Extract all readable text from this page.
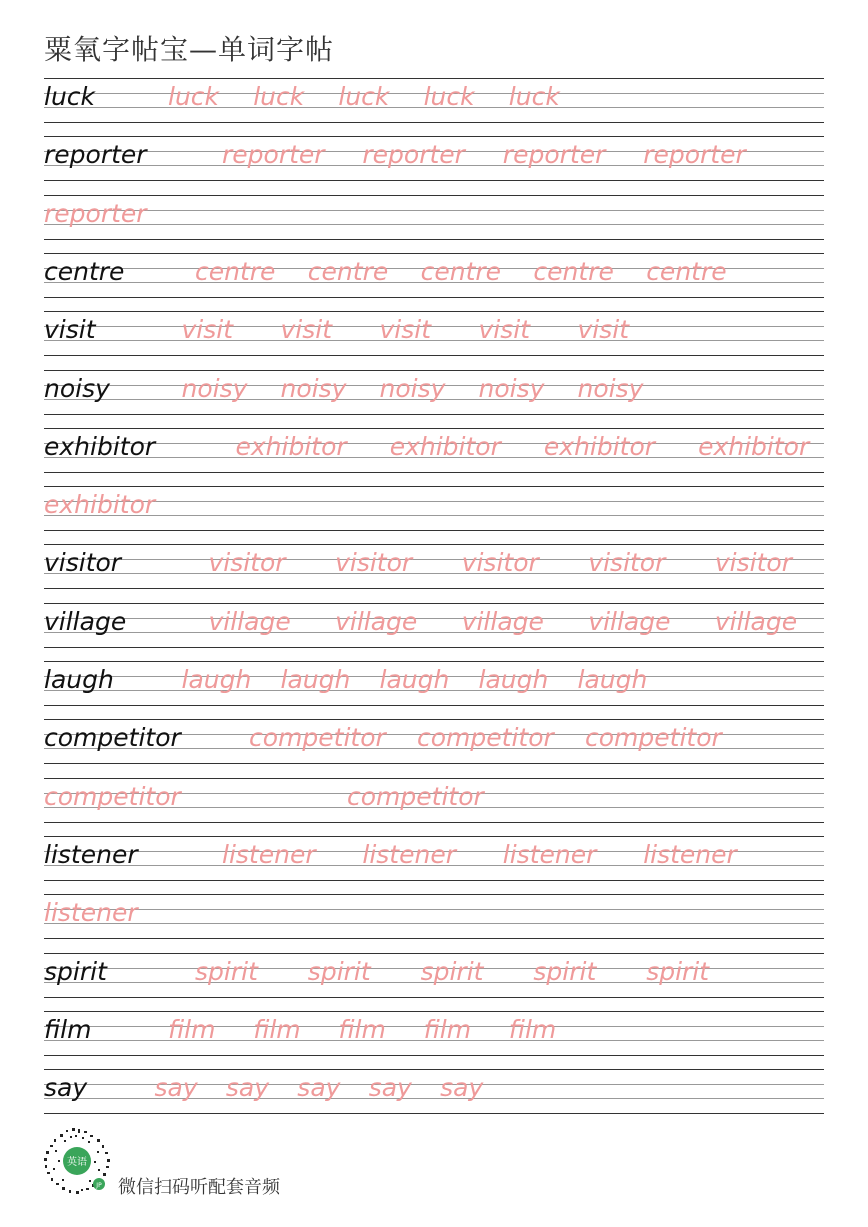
粟氧字帖宝—单词字帖
luck	luck luck luck luck luck
reporter	reporter reporter reporter reporter
reporter
centre	centre centre centre centre centre
visit	visit visit visit visit visit
noisy	noisy noisy noisy noisy noisy
exhibitor	exhibitor exhibitor exhibitor exhibitor
exhibitor
visitor	visitor visitor visitor visitor visitor
village	village village village village village
laugh	laugh laugh laugh laugh laugh
competitor	competitor competitor competitor
competitor	competitor
listener	listener listener listener listener
listener
spirit	spirit spirit spirit spirit spirit
film	film film film film film
say	say say say say say
英语
JP 微信扫码听配套音频
